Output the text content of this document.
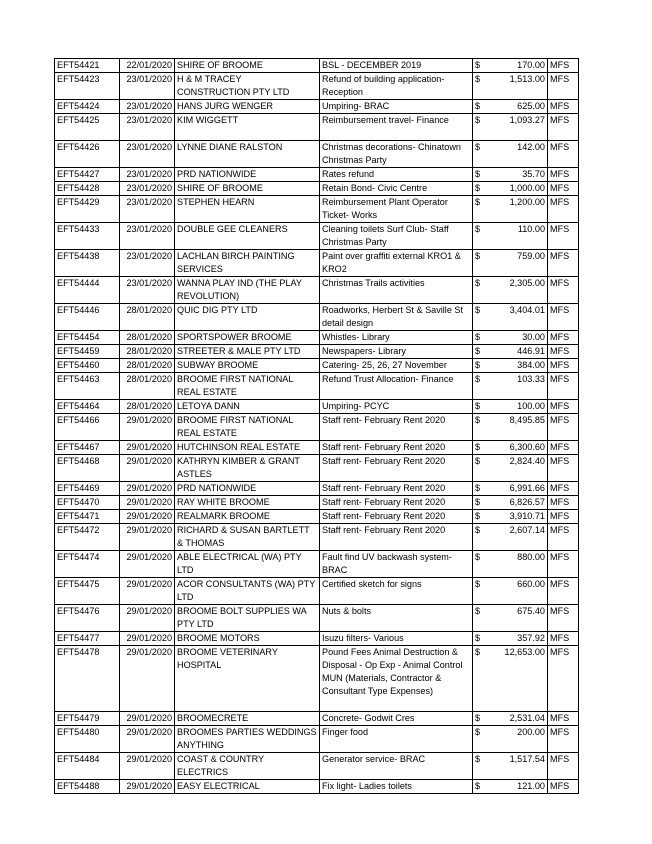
EFT54421	22/01/2020	SHIRE OF BROOME	BSL - DECEMBER 2019	$	170.00	MFS
EFT54423	23/01/2020	H & M TRACEY CONSTRUCTION PTY LTD	Refund of building application- Reception	$	1,513.00	MFS
EFT54424	23/01/2020	HANS JURG WENGER	Umpiring- BRAC	$	625.00	MFS
EFT54425	23/01/2020	KIM WIGGETT	Reimbursement travel- Finance	$	1,093.27	MFS
EFT54426	23/01/2020	LYNNE DIANE RALSTON	Christmas decorations- Chinatown Christmas Party	$	142.00	MFS
EFT54427	23/01/2020	PRD NATIONWIDE	Rates refund	$	35.70	MFS
EFT54428	23/01/2020	SHIRE OF BROOME	Retain Bond- Civic Centre	$	1,000.00	MFS
EFT54429	23/01/2020	STEPHEN HEARN	Reimbursement Plant Operator Ticket- Works	$	1,200.00	MFS
EFT54433	23/01/2020	DOUBLE GEE CLEANERS	Cleaning toilets Surf Club- Staff Christmas Party	$	110.00	MFS
EFT54438	23/01/2020	LACHLAN BIRCH PAINTING SERVICES	Paint over graffiti external KRO1 & KRO2	$	759.00	MFS
EFT54444	23/01/2020	WANNA PLAY IND (THE PLAY REVOLUTION)	Christmas Trails activities	$	2,305.00	MFS
EFT54446	28/01/2020	QUIC DIG PTY LTD	Roadworks, Herbert St & Saville St detail design	$	3,404.01	MFS
EFT54454	28/01/2020	SPORTSPOWER BROOME	Whistles- Library	$	30.00	MFS
EFT54459	28/01/2020	STREETER & MALE PTY LTD	Newspapers- Library	$	446.91	MFS
EFT54460	28/01/2020	SUBWAY BROOME	Catering- 25, 26, 27 November	$	384.00	MFS
EFT54463	28/01/2020	BROOME FIRST NATIONAL REAL ESTATE	Refund Trust Allocation- Finance	$	103.33	MFS
EFT54464	28/01/2020	LETOYA DANN	Umpiring- PCYC	$	100.00	MFS
EFT54466	29/01/2020	BROOME FIRST NATIONAL REAL ESTATE	Staff rent- February Rent 2020	$	8,495.85	MFS
EFT54467	29/01/2020	HUTCHINSON REAL ESTATE	Staff rent- February Rent 2020	$	6,300.60	MFS
EFT54468	29/01/2020	KATHRYN KIMBER & GRANT ASTLES	Staff rent- February Rent 2020	$	2,824.40	MFS
EFT54469	29/01/2020	PRD NATIONWIDE	Staff rent- February Rent 2020	$	6,991.66	MFS
EFT54470	29/01/2020	RAY WHITE BROOME	Staff rent- February Rent 2020	$	6,826.57	MFS
EFT54471	29/01/2020	REALMARK BROOME	Staff rent- February Rent 2020	$	3,910.71	MFS
EFT54472	29/01/2020	RICHARD & SUSAN BARTLETT & THOMAS	Staff rent- February Rent 2020	$	2,607.14	MFS
EFT54474	29/01/2020	ABLE ELECTRICAL (WA) PTY LTD	Fault find UV backwash system- BRAC	$	880.00	MFS
EFT54475	29/01/2020	ACOR CONSULTANTS (WA) PTY LTD	Certified sketch for signs	$	660.00	MFS
EFT54476	29/01/2020	BROOME BOLT SUPPLIES WA PTY LTD	Nuts & bolts	$	675.40	MFS
EFT54477	29/01/2020	BROOME MOTORS	Isuzu filters- Various	$	357.92	MFS
EFT54478	29/01/2020	BROOME VETERINARY HOSPITAL	Pound Fees Animal Destruction & Disposal - Op Exp - Animal Control MUN (Materials, Contractor & Consultant Type Expenses)	$	12,653.00	MFS
EFT54479	29/01/2020	BROOMECRETE	Concrete- Godwit Cres	$	2,531.04	MFS
EFT54480	29/01/2020	BROOMES PARTIES WEDDINGS ANYTHING	Finger food	$	200.00	MFS
EFT54484	29/01/2020	COAST & COUNTRY ELECTRICS	Generator service- BRAC	$	1,517.54	MFS
EFT54488	29/01/2020	EASY ELECTRICAL	Fix light- Ladies toilets	$	121.00	MFS
